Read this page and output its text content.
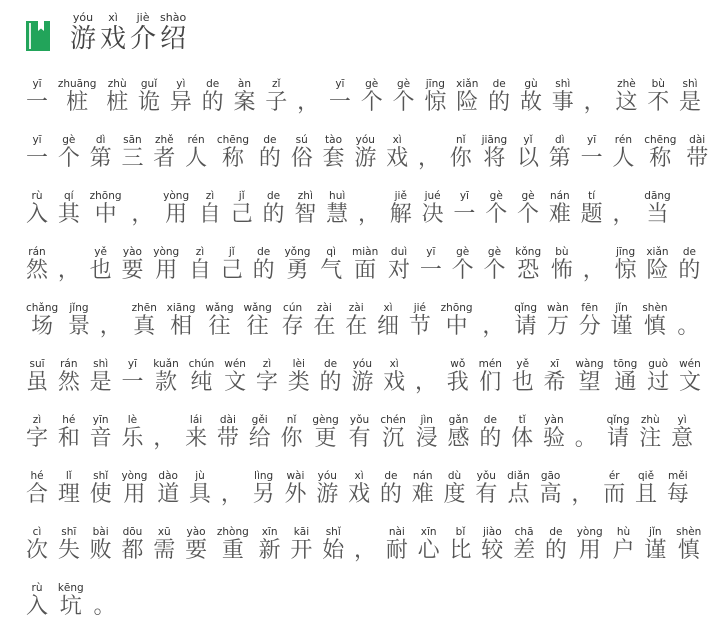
游yóu戏xì介jiè绍shào
一yī桩zhuāng桩zhù诡guǐ异yì的de案àn子zǐ， 一yī个gè个gè惊jīng险xiǎn的de故gù事shì， 这zhè不bù是shì
一yī个gè第dì三sān者zhě人rén称chēng的de俗sú套tào游yóu戏xì， 你nǐ将jiāng以yǐ第dì一yī人rén称chēng带dài
入rù其qí中zhōng， 用yòng自zì己jǐ的de智zhì慧huì， 解jiě决jué一yī个gè个gè难nán题tí， 当dāng
然rán， 也yě要yào用yòng自zì己jǐ的de勇yǒng气qì面miàn对duì一yī个gè个gè恐kǒng怖bù， 惊jīng险xiǎn的de
场chǎng景jǐng， 真zhēn相xiāng往wǎng往wǎng存cún在zài在zài细xì节jié中zhōng， 请qǐng万wàn分fēn谨jǐn慎shèn。
虽suī然rán是shì一yī款kuǎn纯chún文wén字zì类lèi的de游yóu戏xì， 我wǒ们mén也yě希xī望wàng通tōng过guò文wén
字zì和hé音yīn乐lè， 来lái带dài给gěi你nǐ更gèng有yǒu沉chén浸jìn感gǎn的de体tǐ验yàn。 请qǐng注zhù意yì
合hé理lǐ使shǐ用yòng道dào具jù， 另lìng外wài游yóu戏xì的de难nán度dù有yǒu点diǎn高gāo， 而ér且qiě每měi
次cì失shī败bài都dōu需xū要yào重zhòng新xīn开kāi始shǐ， 耐nài心xīn比bǐ较jiào差chā的de用yòng户hù谨jǐn慎shèn
入rù坑kēng。
